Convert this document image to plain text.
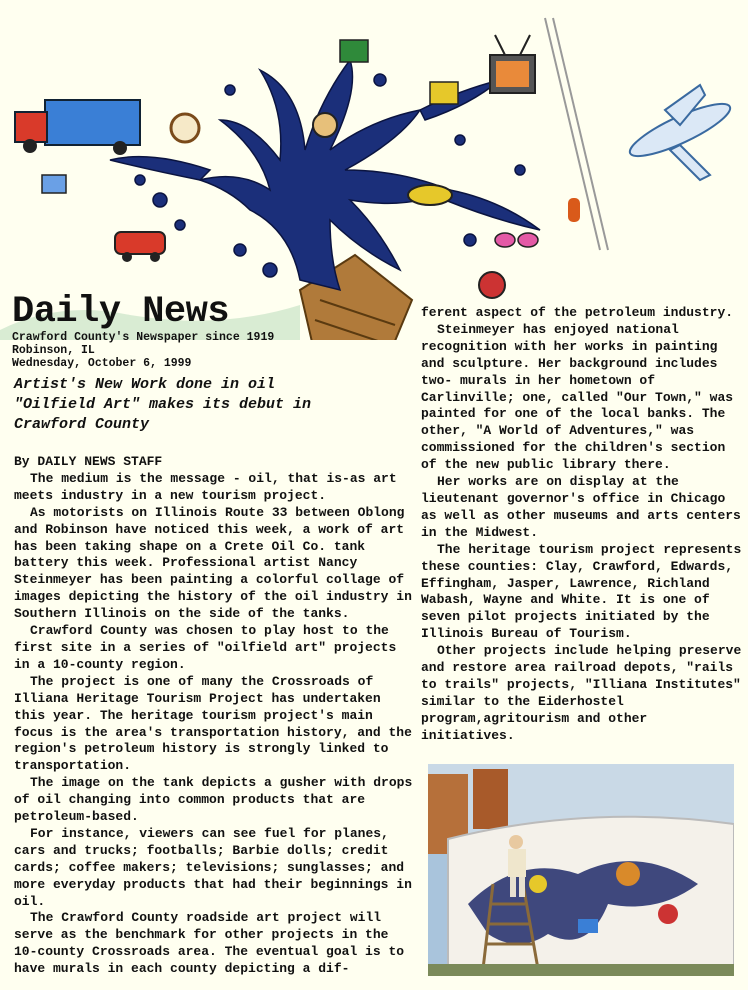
Daily News
Crawford County's Newspaper since 1919
Robinson, IL
Wednesday, October 6, 1999
Artist's New Work done in oil
"Oilfield Art" makes its debut in
Crawford County

By DAILY NEWS STAFF

The medium is the message - oil, that is-as art meets industry in a new tourism project.

As motorists on Illinois Route 33 between Oblong and Robinson have noticed this week, a work of art has been taking shape on a Crete Oil Co. tank battery this week. Professional artist Nancy Steinmeyer has been painting a colorful collage of images depicting the history of the oil industry in Southern Illinois on the side of the tanks.

Crawford County was chosen to play host to the first site in a series of "oilfield art" projects in a 10-county region.

The project is one of many the Crossroads of Illiana Heritage Tourism Project has undertaken this year. The heritage tourism project's main focus is the area's transportation history, and the region's petroleum history is strongly linked to transportation.

The image on the tank depicts a gusher with drops of oil changing into common products that are petroleum-based.

For instance, viewers can see fuel for planes, cars and trucks; footballs; Barbie dolls; credit cards; coffee makers; televisions; sunglasses; and more everyday products that had their beginnings in oil.

The Crawford County roadside art project will serve as the benchmark for other projects in the 10-county Crossroads area. The eventual goal is to have murals in each county depicting a dif-

ferent aspect of the petroleum industry.

Steinmeyer has enjoyed national recognition with her works in painting and sculpture. Her background includes two- murals in her hometown of Carlinville; one, called "Our Town," was painted for one of the local banks. The other, "A World of Adventures," was commissioned for the children's section of the new public library there.

Her works are on display at the lieutenant governor's office in Chicago as well as other museums and arts centers in the Midwest.

The heritage tourism project represents these counties: Clay, Crawford, Edwards, Effingham, Jasper, Lawrence, Richland Wabash, Wayne and White. It is one of seven pilot projects initiated by the Illinois Bureau of Tourism.

Other projects include helping preserve and restore area railroad depots, "rails to trails" projects, "Illiana Institutes" similar to the Eiderhostel program,agritourism and other initiatives.
